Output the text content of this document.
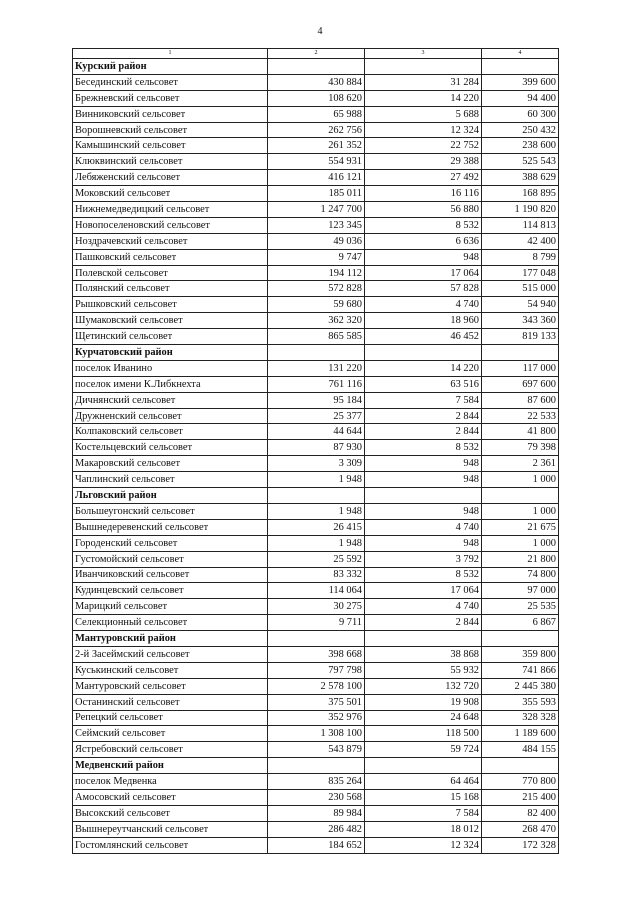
4
1	2	3	4
Курский район			
Бесединский сельсовет	430 884	31 284	399 600
Брежневский сельсовет	108 620	14 220	94 400
Винниковский сельсовет	65 988	5 688	60 300
Ворошневский сельсовет	262 756	12 324	250 432
Камышинский сельсовет	261 352	22 752	238 600
Клюквинский сельсовет	554 931	29 388	525 543
Лебяженский сельсовет	416 121	27 492	388 629
Моковский сельсовет	185 011	16 116	168 895
Нижнемедведицкий сельсовет	1 247 700	56 880	1 190 820
Новопоселеновский сельсовет	123 345	8 532	114 813
Ноздрачевский сельсовет	49 036	6 636	42 400
Пашковский сельсовет	9 747	948	8 799
Полевской сельсовет	194 112	17 064	177 048
Полянский сельсовет	572 828	57 828	515 000
Рышковский сельсовет	59 680	4 740	54 940
Шумаковский сельсовет	362 320	18 960	343 360
Щетинский сельсовет	865 585	46 452	819 133
Курчатовский район			
поселок Иванино	131 220	14 220	117 000
поселок имени К.Либкнехта	761 116	63 516	697 600
Дичнянский сельсовет	95 184	7 584	87 600
Дружненский сельсовет	25 377	2 844	22 533
Колпаковский сельсовет	44 644	2 844	41 800
Костельцевский сельсовет	87 930	8 532	79 398
Макаровский сельсовет	3 309	948	2 361
Чаплинский сельсовет	1 948	948	1 000
Льговский район			
Большеугонский сельсовет	1 948	948	1 000
Вышнедеревенский сельсовет	26 415	4 740	21 675
Городенский сельсовет	1 948	948	1 000
Густомойский сельсовет	25 592	3 792	21 800
Иванчиковский сельсовет	83 332	8 532	74 800
Кудинцевский сельсовет	114 064	17 064	97 000
Марицкий сельсовет	30 275	4 740	25 535
Селекционный сельсовет	9 711	2 844	6 867
Мантуровский район			
2-й Засеймский сельсовет	398 668	38 868	359 800
Куськинский сельсовет	797 798	55 932	741 866
Мантуровский сельсовет	2 578 100	132 720	2 445 380
Останинский сельсовет	375 501	19 908	355 593
Репецкий сельсовет	352 976	24 648	328 328
Сеймский сельсовет	1 308 100	118 500	1 189 600
Ястребовский сельсовет	543 879	59 724	484 155
Медвенский район			
поселок Медвенка	835 264	64 464	770 800
Амосовский сельсовет	230 568	15 168	215 400
Высокский сельсовет	89 984	7 584	82 400
Вышнереутчанский сельсовет	286 482	18 012	268 470
Гостомлянский сельсовет	184 652	12 324	172 328
